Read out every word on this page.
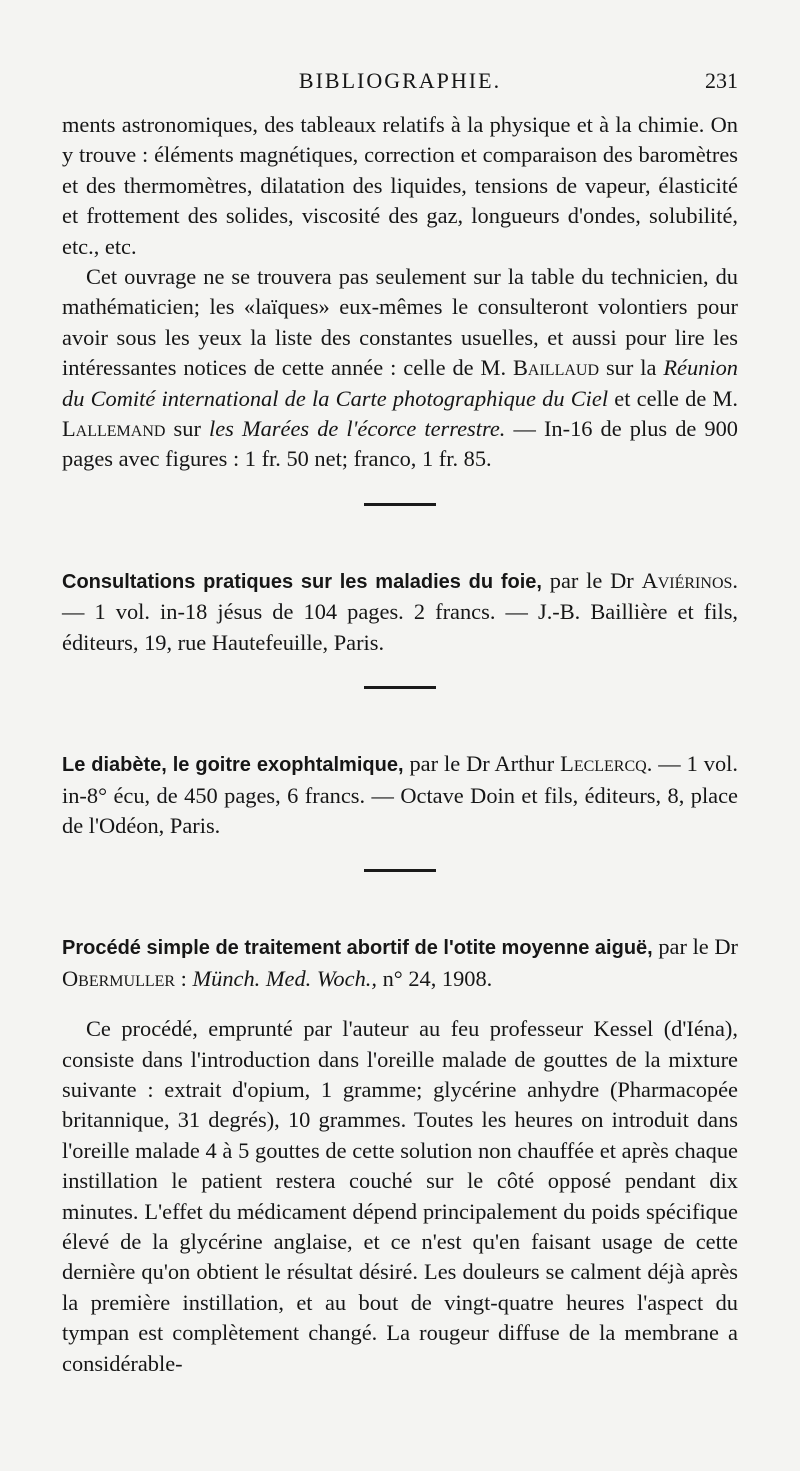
BIBLIOGRAPHIE.	231

ments astronomiques, des tableaux relatifs à la physique et à la chimie. On y trouve : éléments magnétiques, correction et comparaison des baromètres et des thermomètres, dilatation des liquides, tensions de vapeur, élasticité et frottement des solides, viscosité des gaz, longueurs d'ondes, solubilité, etc., etc.

Cet ouvrage ne se trouvera pas seulement sur la table du technicien, du mathématicien; les «laïques» eux-mêmes le consulteront volontiers pour avoir sous les yeux la liste des constantes usuelles, et aussi pour lire les intéressantes notices de cette année : celle de M. Baillaud sur la Réunion du Comité international de la Carte photographique du Ciel et celle de M. Lallemand sur les Marées de l'écorce terrestre. — In-16 de plus de 900 pages avec figures : 1 fr. 50 net; franco, 1 fr. 85.

Consultations pratiques sur les maladies du foie, par le Dr Aviérinos. — 1 vol. in-18 jésus de 104 pages. 2 francs. — J.-B. Baillière et fils, éditeurs, 19, rue Hautefeuille, Paris.

Le diabète, le goitre exophtalmique, par le Dr Arthur Leclercq. — 1 vol. in-8° écu, de 450 pages, 6 francs. — Octave Doin et fils, éditeurs, 8, place de l'Odéon, Paris.

Procédé simple de traitement abortif de l'otite moyenne aiguë, par le Dr Obermuller : Münch. Med. Woch., n° 24, 1908.

Ce procédé, emprunté par l'auteur au feu professeur Kessel (d'Iéna), consiste dans l'introduction dans l'oreille malade de gouttes de la mixture suivante : extrait d'opium, 1 gramme; glycérine anhydre (Pharmacopée britannique, 31 degrés), 10 grammes. Toutes les heures on introduit dans l'oreille malade 4 à 5 gouttes de cette solution non chauffée et après chaque instillation le patient restera couché sur le côté opposé pendant dix minutes. L'effet du médicament dépend principalement du poids spécifique élevé de la glycérine anglaise, et ce n'est qu'en faisant usage de cette dernière qu'on obtient le résultat désiré. Les douleurs se calment déjà après la première instillation, et au bout de vingt-quatre heures l'aspect du tympan est complètement changé. La rougeur diffuse de la membrane a considérable-
